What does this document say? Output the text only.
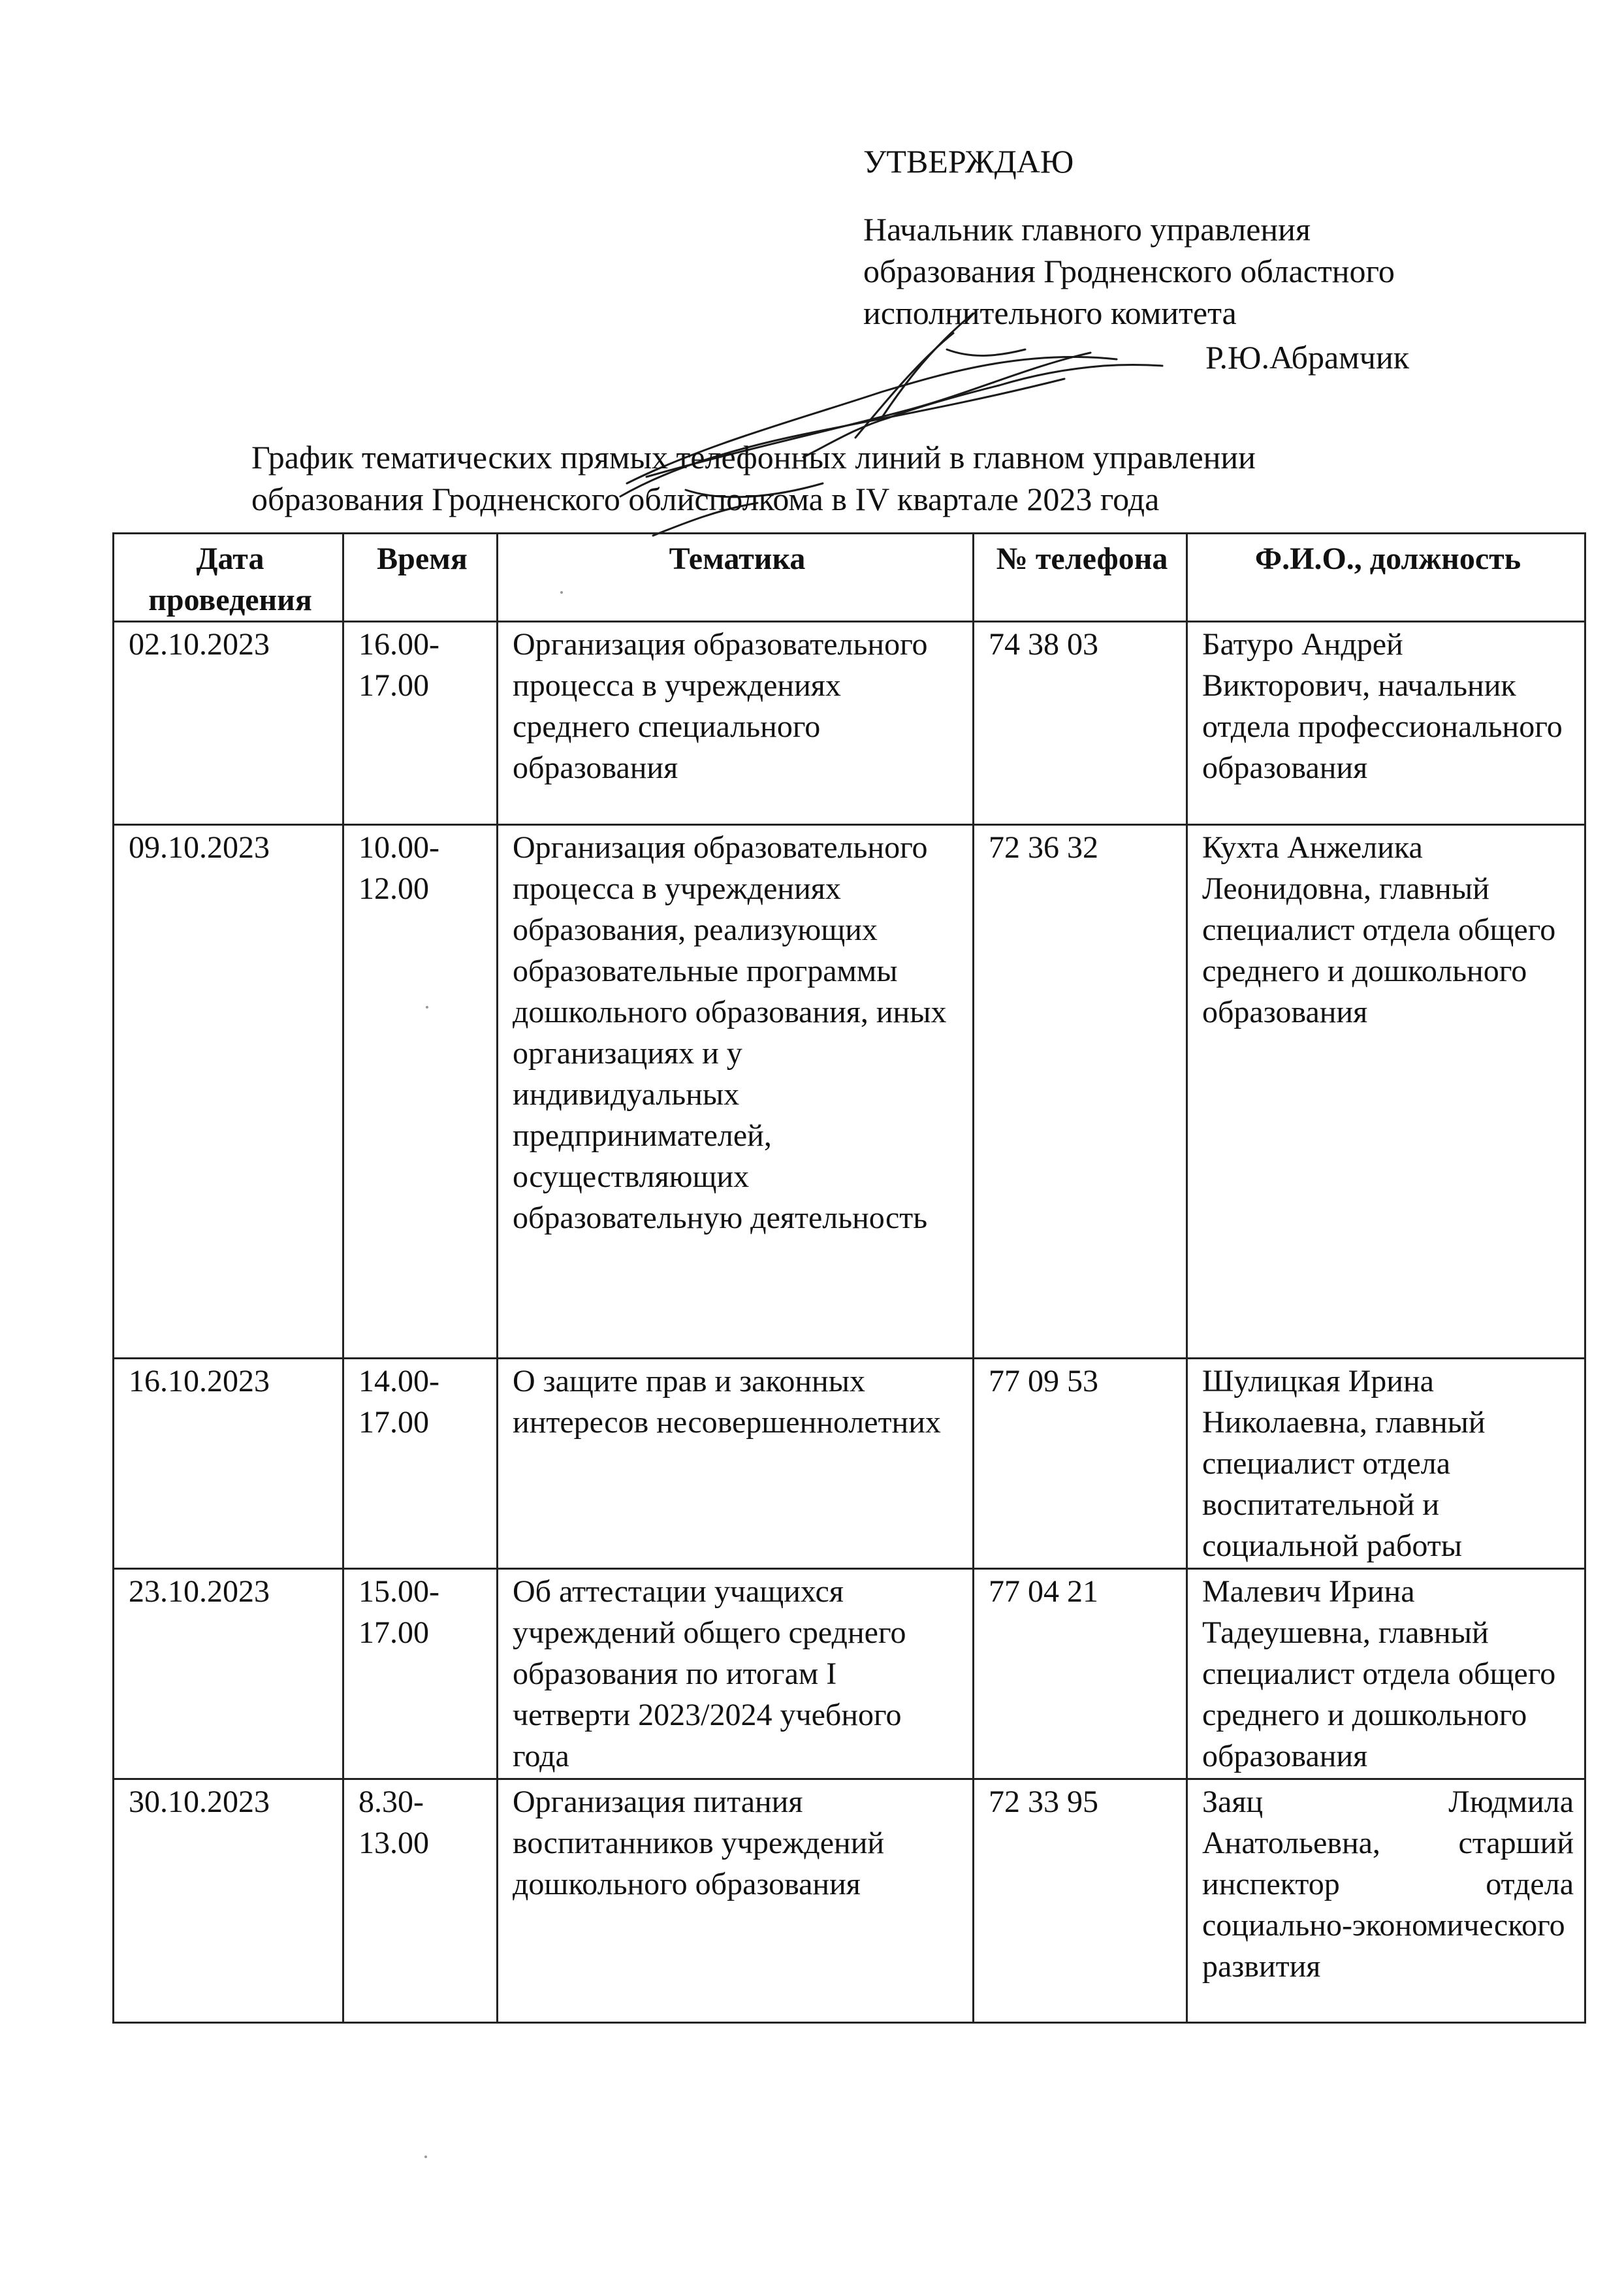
УТВЕРЖДАЮ
Начальник главного управления
образования Гродненского областного
исполнительного комитета
Р.Ю.Абрамчик
График тематических прямых телефонных линий в главном управлении
образования Гродненского облисполкома в IV квартале 2023 года
Дата проведения	Время	Тематика	№ телефона	Ф.И.О., должность
02.10.2023	16.00-17.00	Организация образовательного процесса в учреждениях среднего специального образования	74 38 03	Батуро Андрей Викторович, начальник отдела профессионального образования
09.10.2023	10.00-12.00	Организация образовательного процесса в учреждениях образования, реализующих образовательные программы дошкольного образования, иных организациях и у индивидуальных предпринимателей, осуществляющих образовательную деятельность	72 36 32	Кухта Анжелика Леонидовна, главный специалист отдела общего среднего и дошкольного образования
16.10.2023	14.00-17.00	О защите прав и законных интересов несовершеннолетних	77 09 53	Шулицкая Ирина Николаевна, главный специалист отдела воспитательной и социальной работы
23.10.2023	15.00-17.00	Об аттестации учащихся учреждений общего среднего образования по итогам I четверти 2023/2024 учебного года	77 04 21	Малевич Ирина Тадеушевна, главный специалист отдела общего среднего и дошкольного образования
30.10.2023	8.30-13.00	Организация питания воспитанников учреждений дошкольного образования	72 33 95	Заяц Людмила Анатольевна, старший инспектор отдела социально-экономического развития
